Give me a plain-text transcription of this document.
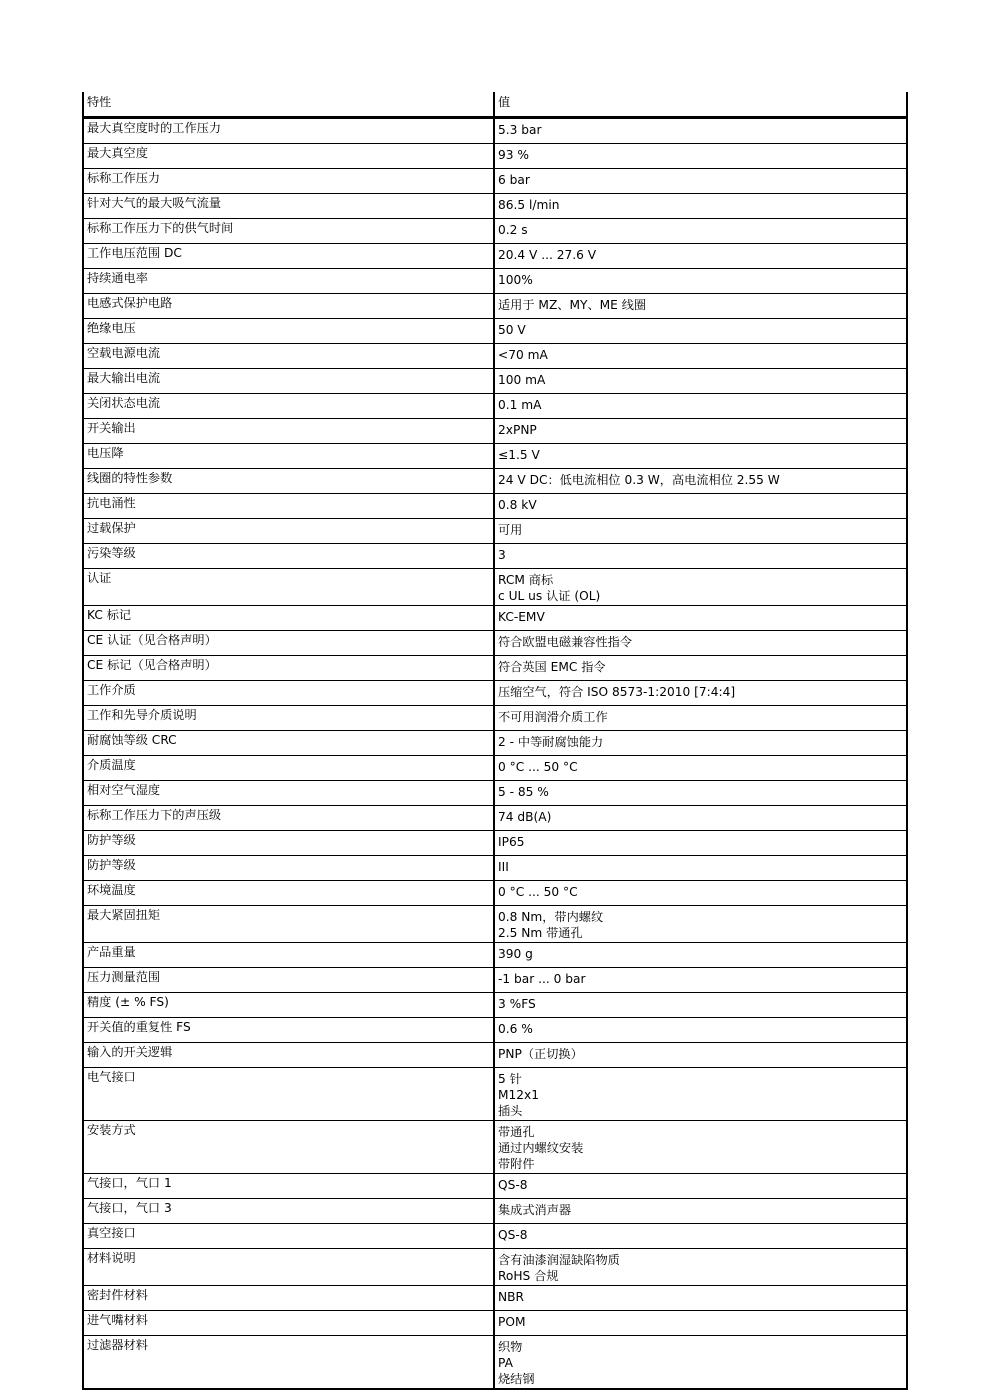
特性	值
最大真空度时的工作压力	5.3 bar

最大真空度	93 %

标称工作压力	6 bar

针对大气的最大吸气流量	86.5 l/min

标称工作压力下的供气时间	0.2 s

工作电压范围 DC	20.4 V ... 27.6 V

持续通电率	100%

电感式保护电路	适用于 MZ、MY、ME 线圈

绝缘电压	50 V

空载电源电流	<70 mA

最大输出电流	100 mA

关闭状态电流	0.1 mA

开关输出	2xPNP

电压降	≤1.5 V

线圈的特性参数	24 V DC：低电流相位 0.3 W，高电流相位 2.55 W

抗电涌性	0.8 kV

过载保护	可用

污染等级	3

认证	RCM 商标
c UL us 认证 (OL)

KC 标记	KC-EMV

CE 认证（见合格声明）	符合欧盟电磁兼容性指令

CE 标记（见合格声明）	符合英国 EMC 指令

工作介质	压缩空气，符合 ISO 8573-1:2010 [7:4:4]

工作和先导介质说明	不可用润滑介质工作

耐腐蚀等级 CRC	2 - 中等耐腐蚀能力

介质温度	0 °C ... 50 °C

相对空气湿度	5 - 85 %

标称工作压力下的声压级	74 dB(A)

防护等级	IP65

防护等级	III

环境温度	0 °C ... 50 °C

最大紧固扭矩	0.8 Nm，带内螺纹
2.5 Nm 带通孔

产品重量	390 g

压力测量范围	-1 bar ... 0 bar

精度 (± % FS)	3 %FS

开关值的重复性 FS	0.6 %

输入的开关逻辑	PNP（正切换）

电气接口	5 针
M12x1
插头

安装方式	带通孔
通过内螺纹安装
带附件

气接口，气口 1	QS-8

气接口，气口 3	集成式消声器

真空接口	QS-8

材料说明	含有油漆润湿缺陷物质
RoHS 合规

密封件材料	NBR

进气嘴材料	POM

过滤器材料	织物
PA
烧结钢
